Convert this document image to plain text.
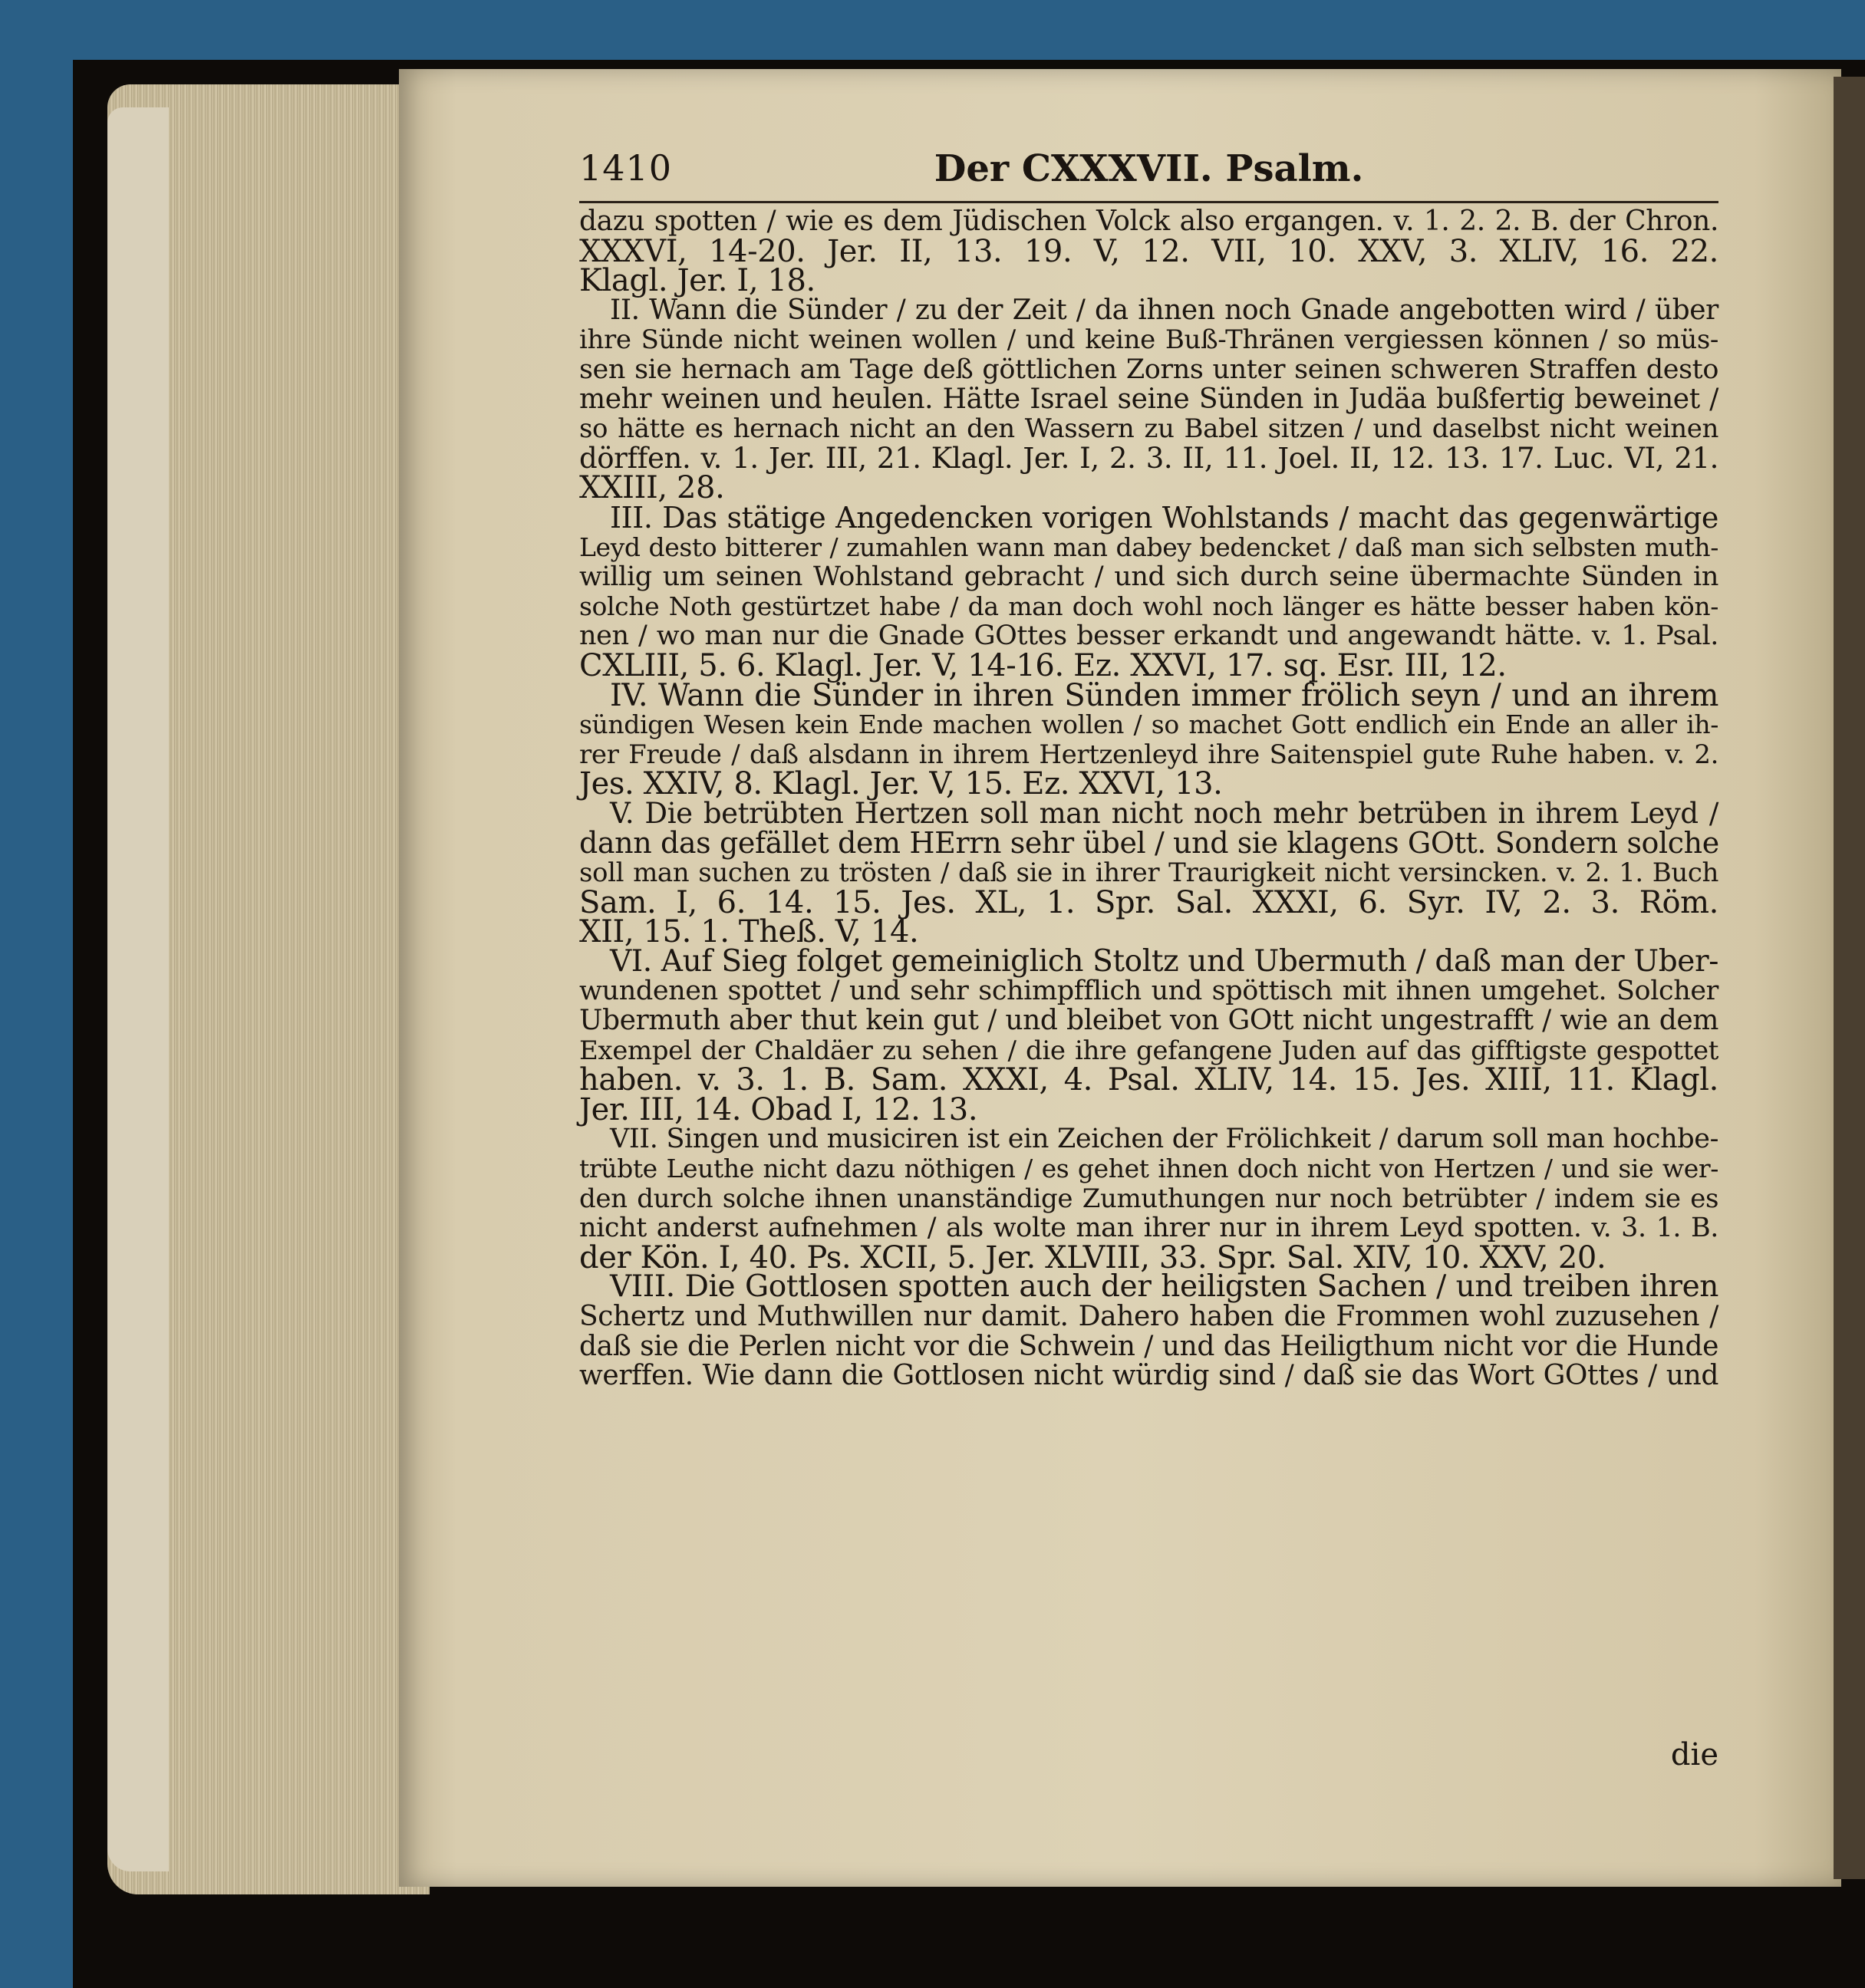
1410	Der CXXXVII. Psalm.
dazu spotten / wie es dem Jüdischen Volck also ergangen. v. 1. 2. 2. B. der Chron.
XXXVI, 14-20. Jer. II, 13. 19. V, 12. VII, 10. XXV, 3. XLIV, 16. 22.
Klagl. Jer. I, 18.
II. Wann die Sünder / zu der Zeit / da ihnen noch Gnade angebotten wird / über
ihre Sünde nicht weinen wollen / und keine Buß-Thränen vergiessen können / so müs-
sen sie hernach am Tage deß göttlichen Zorns unter seinen schweren Straffen desto
mehr weinen und heulen. Hätte Israel seine Sünden in Judäa bußfertig beweinet /
so hätte es hernach nicht an den Wassern zu Babel sitzen / und daselbst nicht weinen
dörffen. v. 1. Jer. III, 21. Klagl. Jer. I, 2. 3. II, 11. Joel. II, 12. 13. 17. Luc. VI, 21.
XXIII, 28.
III. Das stätige Angedencken vorigen Wohlstands / macht das gegenwärtige
Leyd desto bitterer / zumahlen wann man dabey bedencket / daß man sich selbsten muth-
willig um seinen Wohlstand gebracht / und sich durch seine übermachte Sünden in
solche Noth gestürtzet habe / da man doch wohl noch länger es hätte besser haben kön-
nen / wo man nur die Gnade GOttes besser erkandt und angewandt hätte. v. 1. Psal.
CXLIII, 5. 6. Klagl. Jer. V, 14-16. Ez. XXVI, 17. sq. Esr. III, 12.
IV. Wann die Sünder in ihren Sünden immer frölich seyn / und an ihrem
sündigen Wesen kein Ende machen wollen / so machet Gott endlich ein Ende an aller ih-
rer Freude / daß alsdann in ihrem Hertzenleyd ihre Saitenspiel gute Ruhe haben. v. 2.
Jes. XXIV, 8. Klagl. Jer. V, 15. Ez. XXVI, 13.
V. Die betrübten Hertzen soll man nicht noch mehr betrüben in ihrem Leyd /
dann das gefället dem HErrn sehr übel / und sie klagens GOtt. Sondern solche
soll man suchen zu trösten / daß sie in ihrer Traurigkeit nicht versincken. v. 2. 1. Buch
Sam. I, 6. 14. 15. Jes. XL, 1. Spr. Sal. XXXI, 6. Syr. IV, 2. 3. Röm.
XII, 15. 1. Theß. V, 14.
VI. Auf Sieg folget gemeiniglich Stoltz und Ubermuth / daß man der Uber-
wundenen spottet / und sehr schimpfflich und spöttisch mit ihnen umgehet. Solcher
Ubermuth aber thut kein gut / und bleibet von GOtt nicht ungestrafft / wie an dem
Exempel der Chaldäer zu sehen / die ihre gefangene Juden auf das gifftigste gespottet
haben. v. 3. 1. B. Sam. XXXI, 4. Psal. XLIV, 14. 15. Jes. XIII, 11. Klagl.
Jer. III, 14. Obad I, 12. 13.
VII. Singen und musiciren ist ein Zeichen der Frölichkeit / darum soll man hochbe-
trübte Leuthe nicht dazu nöthigen / es gehet ihnen doch nicht von Hertzen / und sie wer-
den durch solche ihnen unanständige Zumuthungen nur noch betrübter / indem sie es
nicht anderst aufnehmen / als wolte man ihrer nur in ihrem Leyd spotten. v. 3. 1. B.
der Kön. I, 40. Ps. XCII, 5. Jer. XLVIII, 33. Spr. Sal. XIV, 10. XXV, 20.
VIII. Die Gottlosen spotten auch der heiligsten Sachen / und treiben ihren
Schertz und Muthwillen nur damit. Dahero haben die Frommen wohl zuzusehen /
daß sie die Perlen nicht vor die Schwein / und das Heiligthum nicht vor die Hunde
werffen. Wie dann die Gottlosen nicht würdig sind / daß sie das Wort GOttes / und
die
